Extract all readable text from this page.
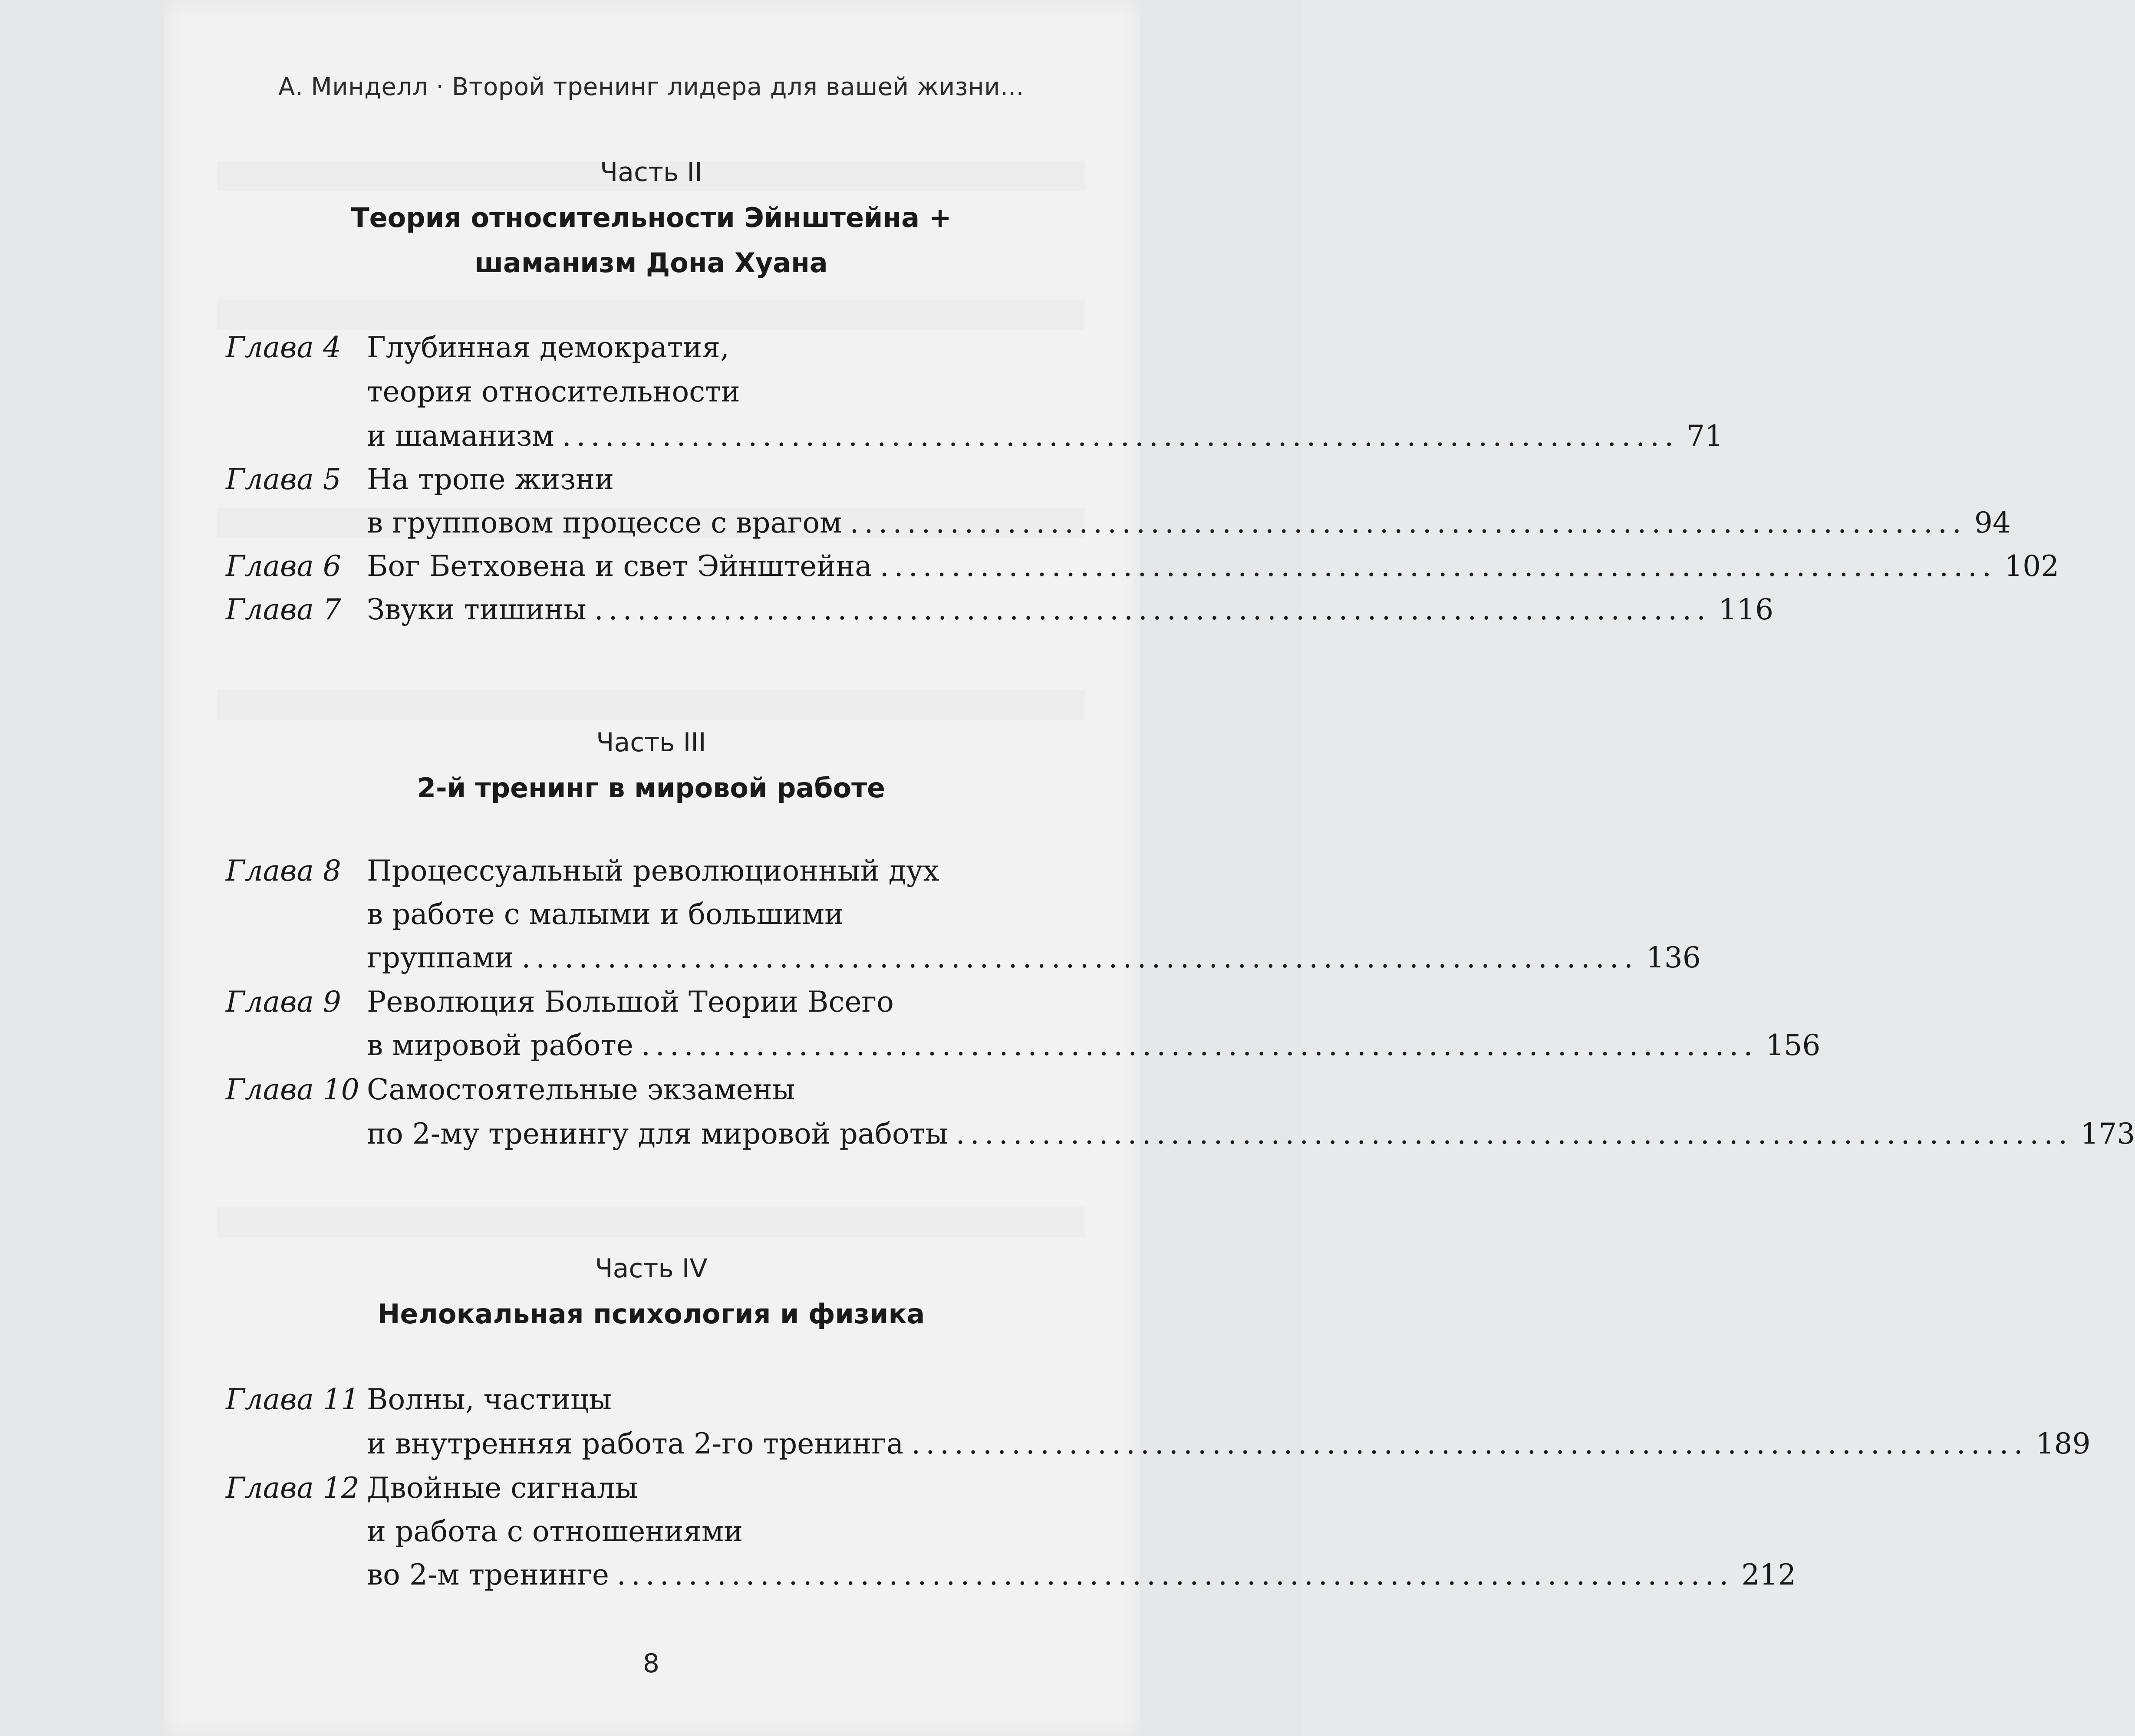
А. Минделл · Второй тренинг лидера для вашей жизни...
Часть II
Теория относительности Эйнштейна +
шаманизм Дона Хуана
Глава 4 Глубинная демократия,
теория относительности
и шаманизм .............................................................................. 71
Глава 5 На тропе жизни
в групповом процессе с врагом .............................................................................. 94
Глава 6 Бог Бетховена и свет Эйнштейна .............................................................................. 102
Глава 7 Звуки тишины .............................................................................. 116
Часть III
2-й тренинг в мировой работе
Глава 8 Процессуальный революционный дух
в работе с малыми и большими
группами .............................................................................. 136
Глава 9 Революция Большой Теории Всего
в мировой работе .............................................................................. 156
Глава 10 Самостоятельные экзамены
по 2-му тренингу для мировой работы .............................................................................. 173
Часть IV
Нелокальная психология и физика
Глава 11 Волны, частицы
и внутренняя работа 2-го тренинга .............................................................................. 189
Глава 12 Двойные сигналы
и работа с отношениями
во 2-м тренинге .............................................................................. 212
8
